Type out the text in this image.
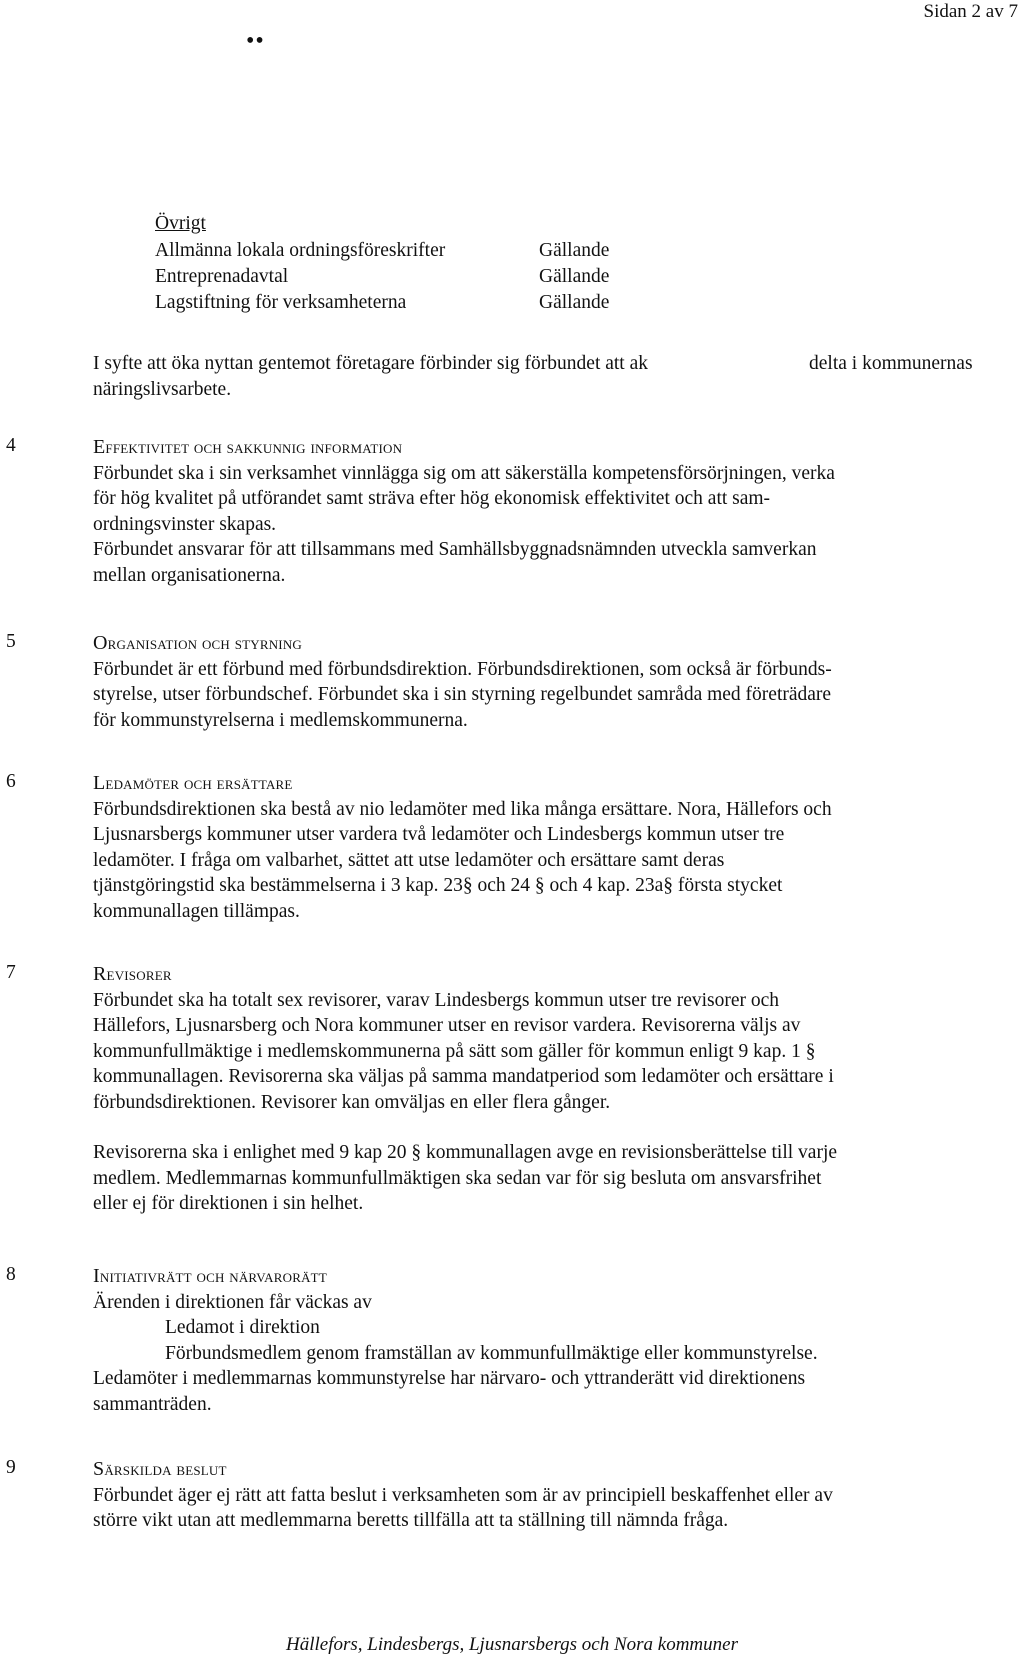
Sidan 2 av 7
••
Övrigt
Allmänna lokala ordningsföreskrifter	Gällande
Entreprenadavtal	Gällande
Lagstiftning för verksamheterna	Gällande
I syfte att öka nyttan gentemot företagare förbinder sig förbundet att ak	delta i kommunernas
näringslivsarbete.
4	Effektivitet och sakkunnig information
Förbundet ska i sin verksamhet vinnlägga sig om att säkerställa kompetensförsörjningen, verka
för hög kvalitet på utförandet samt sträva efter hög ekonomisk effektivitet och att sam-
ordningsvinster skapas.
Förbundet ansvarar för att tillsammans med Samhällsbyggnadsnämnden utveckla samverkan
mellan organisationerna.
5	Organisation och styrning
Förbundet är ett förbund med förbundsdirektion. Förbundsdirektionen, som också är förbunds-
styrelse, utser förbundschef. Förbundet ska i sin styrning regelbundet samråda med företrädare
för kommunstyrelserna i medlemskommunerna.
6	Ledamöter och ersättare
Förbundsdirektionen ska bestå av nio ledamöter med lika många ersättare. Nora, Hällefors och
Ljusnarsbergs kommuner utser vardera två ledamöter och Lindesbergs kommun utser tre
ledamöter. I fråga om valbarhet, sättet att utse ledamöter och ersättare samt deras
tjänstgöringstid ska bestämmelserna i 3 kap. 23§ och 24 § och 4 kap. 23a§ första stycket
kommunallagen tillämpas.
7	Revisorer
Förbundet ska ha totalt sex revisorer, varav Lindesbergs kommun utser tre revisorer och
Hällefors, Ljusnarsberg och Nora kommuner utser en revisor vardera. Revisorerna väljs av
kommunfullmäktige i medlemskommunerna på sätt som gäller för kommun enligt 9 kap. 1 §
kommunallagen. Revisorerna ska väljas på samma mandatperiod som ledamöter och ersättare i
förbundsdirektionen. Revisorer kan omväljas en eller flera gånger.
Revisorerna ska i enlighet med 9 kap 20 § kommunallagen avge en revisionsberättelse till varje
medlem. Medlemmarnas kommunfullmäktigen ska sedan var för sig besluta om ansvarsfrihet
eller ej för direktionen i sin helhet.
8	Initiativrätt och närvarorätt
Ärenden i direktionen får väckas av
Ledamot i direktion
Förbundsmedlem genom framställan av kommunfullmäktige eller kommunstyrelse.
Ledamöter i medlemmarnas kommunstyrelse har närvaro- och yttranderätt vid direktionens
sammanträden.
9	Särskilda beslut
Förbundet äger ej rätt att fatta beslut i verksamheten som är av principiell beskaffenhet eller av
större vikt utan att medlemmarna beretts tillfälla att ta ställning till nämnda fråga.
Hällefors, Lindesbergs, Ljusnarsbergs och Nora kommuner
